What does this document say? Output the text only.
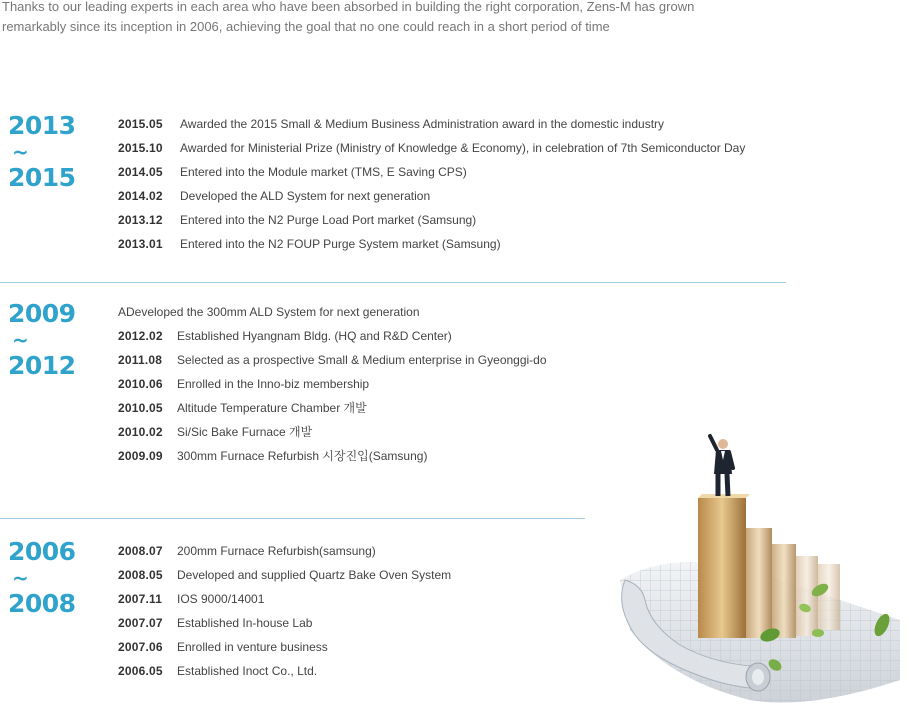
Thanks to our leading experts in each area who have been absorbed in building the right corporation, Zens-M has grown
remarkably since its inception in 2006, achieving the goal that no one could reach in a short period of time
2013
~
2015
2015.05 Awarded the 2015 Small & Medium Business Administration award in the domestic industry
2015.10 Awarded for Ministerial Prize (Ministry of Knowledge & Economy), in celebration of 7th Semiconductor Day
2014.05 Entered into the Module market (TMS, E Saving CPS)
2014.02 Developed the ALD System for next generation
2013.12 Entered into the N2 Purge Load Port market (Samsung)
2013.01 Entered into the N2 FOUP Purge System market (Samsung)
2009
~
2012
ADeveloped the 300mm ALD System for next generation
2012.02 Established Hyangnam Bldg. (HQ and R&D Center)
2011.08 Selected as a prospective Small & Medium enterprise in Gyeonggi-do
2010.06 Enrolled in the Inno-biz membership
2010.05 Altitude Temperature Chamber 개발
2010.02 Si/Sic Bake Furnace 개발
2009.09 300mm Furnace Refurbish 시장진입(Samsung)
2006
~
2008
2008.07 200mm Furnace Refurbish(samsung)
2008.05 Developed and supplied Quartz Bake Oven System
2007.11 IOS 9000/14001
2007.07 Established In-house Lab
2007.06 Enrolled in venture business
2006.05 Established Inoct Co., Ltd.
